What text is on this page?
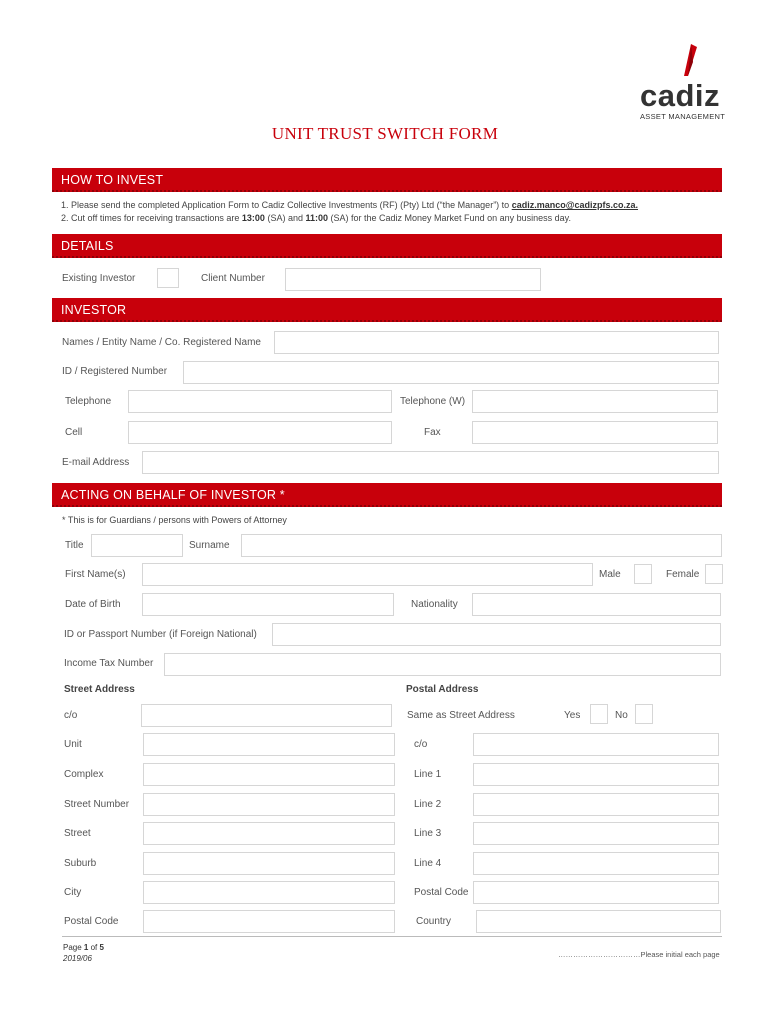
cadiz
ASSET MANAGEMENT
UNIT TRUST SWITCH FORM
HOW TO INVEST
1. Please send the completed Application Form to Cadiz Collective Investments (RF) (Pty) Ltd (“the Manager”) to cadiz.manco@cadizpfs.co.za.
2. Cut off times for receiving transactions are 13:00 (SA) and 11:00 (SA) for the Cadiz Money Market Fund on any business day.
DETAILS
Existing Investor	Client Number
INVESTOR
Names / Entity Name / Co. Registered Name
ID / Registered Number
Telephone	Telephone (W)
Cell	Fax
E-mail Address
ACTING ON BEHALF OF INVESTOR *
* This is for Guardians / persons with Powers of Attorney
Title	Surname
First Name(s)	Male	Female
Date of Birth	Nationality
ID or Passport Number (if Foreign National)
Income Tax Number
Street Address	Postal Address
c/o	Same as Street Address	Yes	No
Unit	c/o
Complex	Line 1
Street Number	Line 2
Street	Line 3
Suburb	Line 4
City	Postal Code
Postal Code	Country
Page 1 of 5
2019/06	……………………………Please initial each page
